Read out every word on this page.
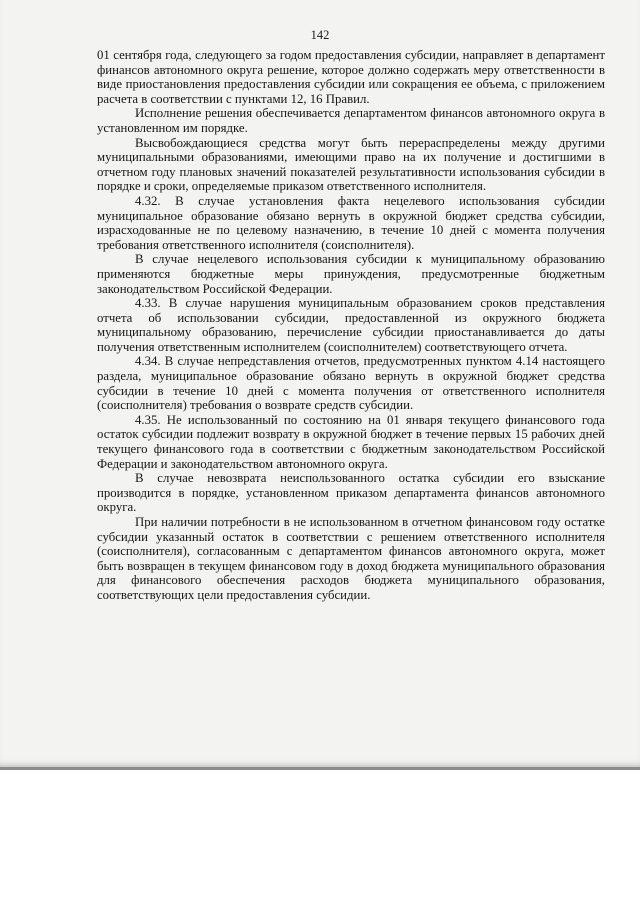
142

01 сентября года, следующего за годом предоставления субсидии, направляет в департамент финансов автономного округа решение, которое должно содержать меру ответственности в виде приостановления предоставления субсидии или сокращения ее объема, с приложением расчета в соответствии с пунктами 12, 16 Правил.

Исполнение решения обеспечивается департаментом финансов автономного округа в установленном им порядке.

Высвобождающиеся средства могут быть перераспределены между другими муниципальными образованиями, имеющими право на их получение и достигшими в отчетном году плановых значений показателей результативности использования субсидии в порядке и сроки, определяемые приказом ответственного исполнителя.

4.32. В случае установления факта нецелевого использования субсидии муниципальное образование обязано вернуть в окружной бюджет средства субсидии, израсходованные не по целевому назначению, в течение 10 дней с момента получения требования ответственного исполнителя (соисполнителя).

В случае нецелевого использования субсидии к муниципальному образованию применяются бюджетные меры принуждения, предусмотренные бюджетным законодательством Российской Федерации.

4.33. В случае нарушения муниципальным образованием сроков представления отчета об использовании субсидии, предоставленной из окружного бюджета муниципальному образованию, перечисление субсидии приостанавливается до даты получения ответственным исполнителем (соисполнителем) соответствующего отчета.

4.34. В случае непредставления отчетов, предусмотренных пунктом 4.14 настоящего раздела, муниципальное образование обязано вернуть в окружной бюджет средства субсидии в течение 10 дней с момента получения от ответственного исполнителя (соисполнителя) требования о возврате средств субсидии.

4.35. Не использованный по состоянию на 01 января текущего финансового года остаток субсидии подлежит возврату в окружной бюджет в течение первых 15 рабочих дней текущего финансового года в соответствии с бюджетным законодательством Российской Федерации и законодательством автономного округа.

В случае невозврата неиспользованного остатка субсидии его взыскание производится в порядке, установленном приказом департамента финансов автономного округа.

При наличии потребности в не использованном в отчетном финансовом году остатке субсидии указанный остаток в соответствии с решением ответственного исполнителя (соисполнителя), согласованным с департаментом финансов автономного округа, может быть возвращен в текущем финансовом году в доход бюджета муниципального образования для финансового обеспечения расходов бюджета муниципального образования, соответствующих цели предоставления субсидии.
